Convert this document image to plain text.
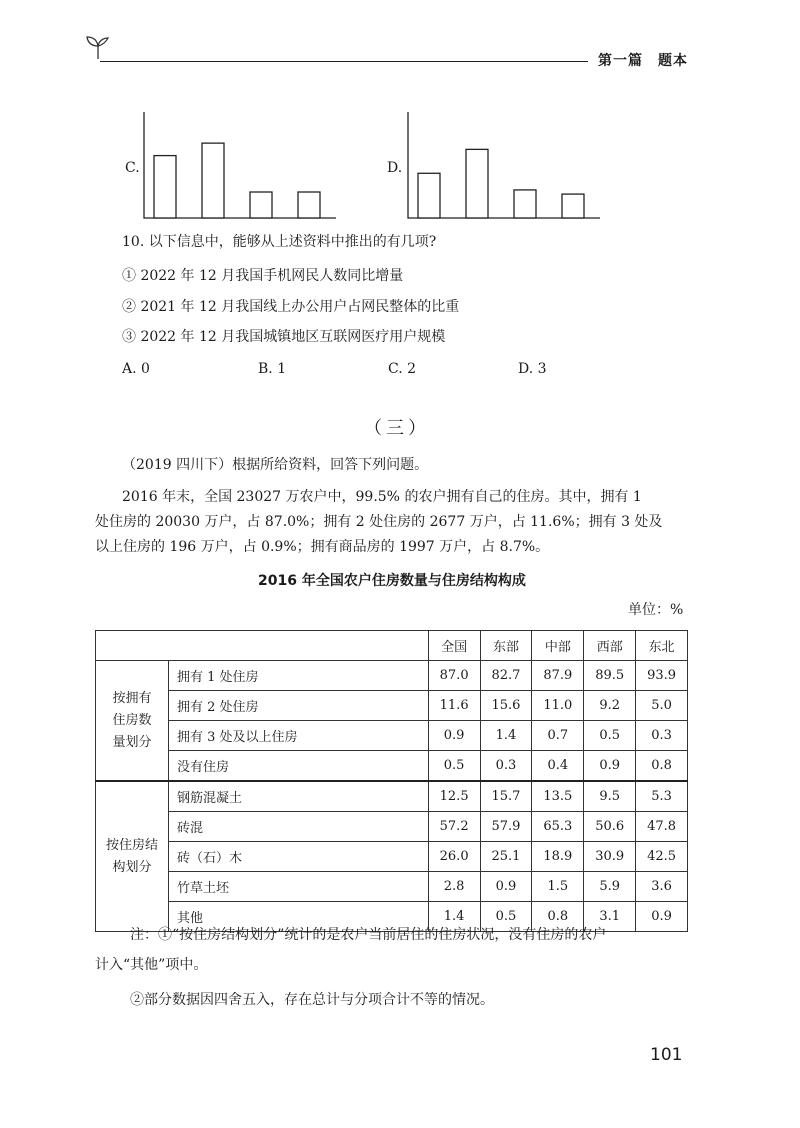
第一篇　题本
C.	D.
10. 以下信息中，能够从上述资料中推出的有几项?
① 2022 年 12 月我国手机网民人数同比增量
② 2021 年 12 月我国线上办公用户占网民整体的比重
③ 2022 年 12 月我国城镇地区互联网医疗用户规模
A. 0	B. 1	C. 2	D. 3
（三）
（2019 四川下）根据所给资料，回答下列问题。
2016 年末，全国 23027 万农户中，99.5% 的农户拥有自己的住房。其中，拥有 1
处住房的 20030 万户，占 87.0%；拥有 2 处住房的 2677 万户，占 11.6%；拥有 3 处及
以上住房的 196 万户，占 0.9%；拥有商品房的 1997 万户，占 8.7%。
2016 年全国农户住房数量与住房结构构成
单位：%
		全国	东部	中部	西部	东北
按拥有
住房数
量划分	拥有 1 处住房	87.0	82.7	87.9	89.5	93.9
	拥有 2 处住房	11.6	15.6	11.0	9.2	5.0
	拥有 3 处及以上住房	0.9	1.4	0.7	0.5	0.3
	没有住房	0.5	0.3	0.4	0.9	0.8
按住房结
构划分	钢筋混凝土	12.5	15.7	13.5	9.5	5.3
	砖混	57.2	57.9	65.3	50.6	47.8
	砖（石）木	26.0	25.1	18.9	30.9	42.5
	竹草土坯	2.8	0.9	1.5	5.9	3.6
	其他	1.4	0.5	0.8	3.1	0.9
注：①“按住房结构划分”统计的是农户当前居住的住房状况，没有住房的农户
计入“其他”项中。
②部分数据因四舍五入，存在总计与分项合计不等的情况。
101
